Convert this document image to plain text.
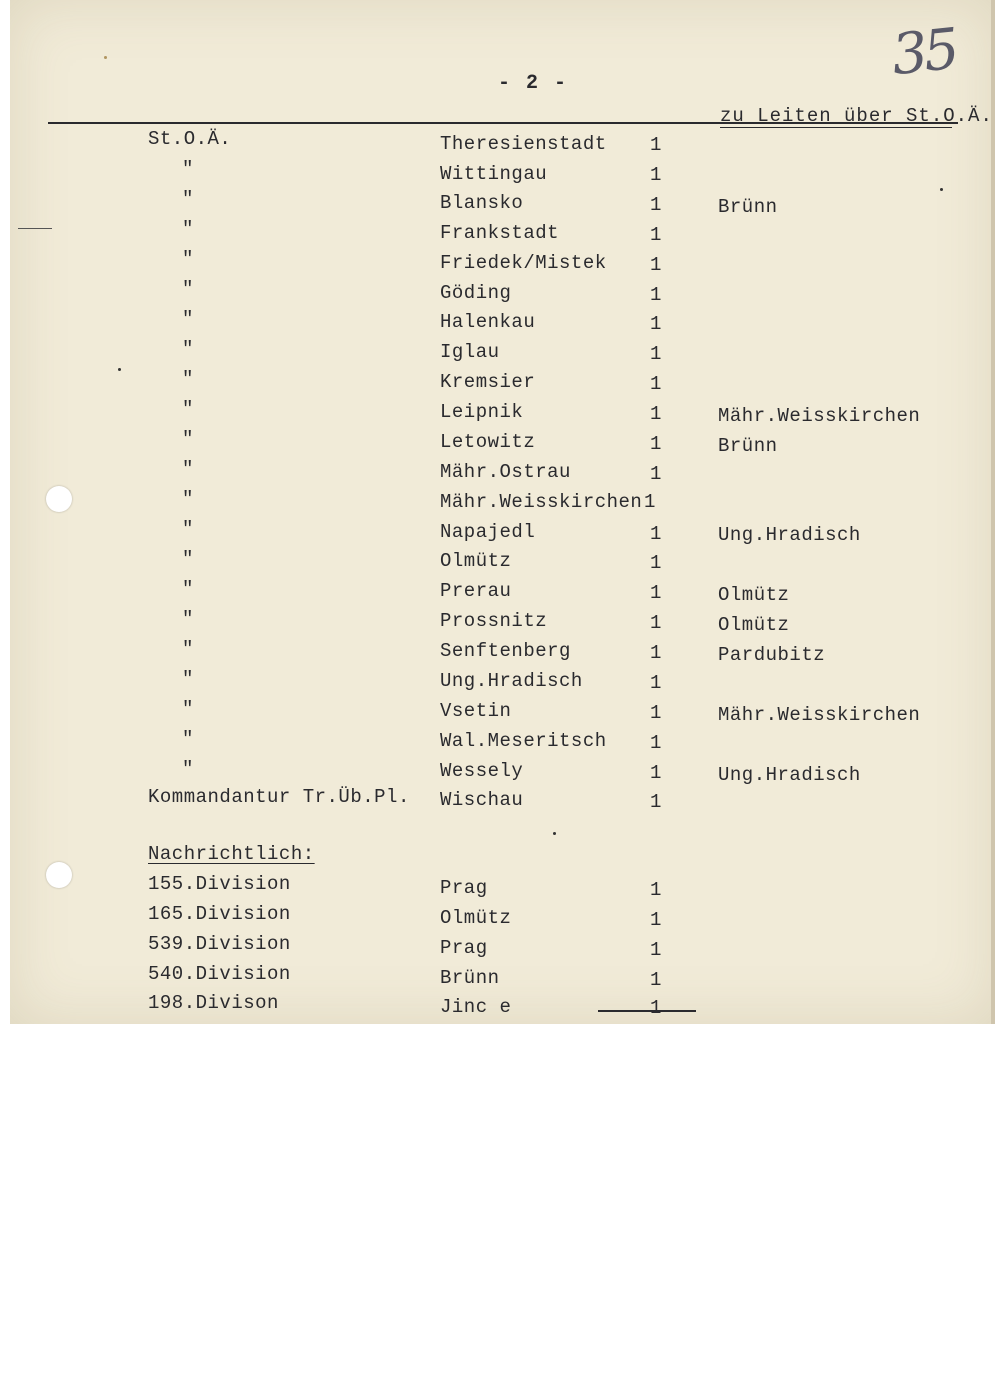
35
- 2 -
zu Leiten über St.O.Ä.
St.O.Ä.	Theresienstadt 1
"	Wittingau	1
"	Blansko	1	Brünn
"	Frankstadt	1
"	Friedek/Mistek 1
"	Göding	1
"	Halenkau	1
"	Iglau	1
"	Kremsier	1
"	Leipnik	1	Mähr.Weisskirchen
"	Letowitz	1	Brünn
"	Mähr.Ostrau	1
"	Mähr.Weisskirchen 1
"	Napajedl	1	Ung.Hradisch
"	Olmütz	1
"	Prerau	1	Olmütz
"	Prossnitz	1	Olmütz
"	Senftenberg	1	Pardubitz
"	Ung.Hradisch	1
"	Vsetin	1	Mähr.Weisskirchen
"	Wal.Meseritsch 1
"	Wessely	1	Ung.Hradisch
Kommandantur Tr.Üb.Pl. Wischau	1
Nachrichtlich:
155.Division	Prag	1
165.Division	Olmütz	1
539.Division	Prag	1
540.Division	Brünn	1
198.Divison	Jinc e	1
